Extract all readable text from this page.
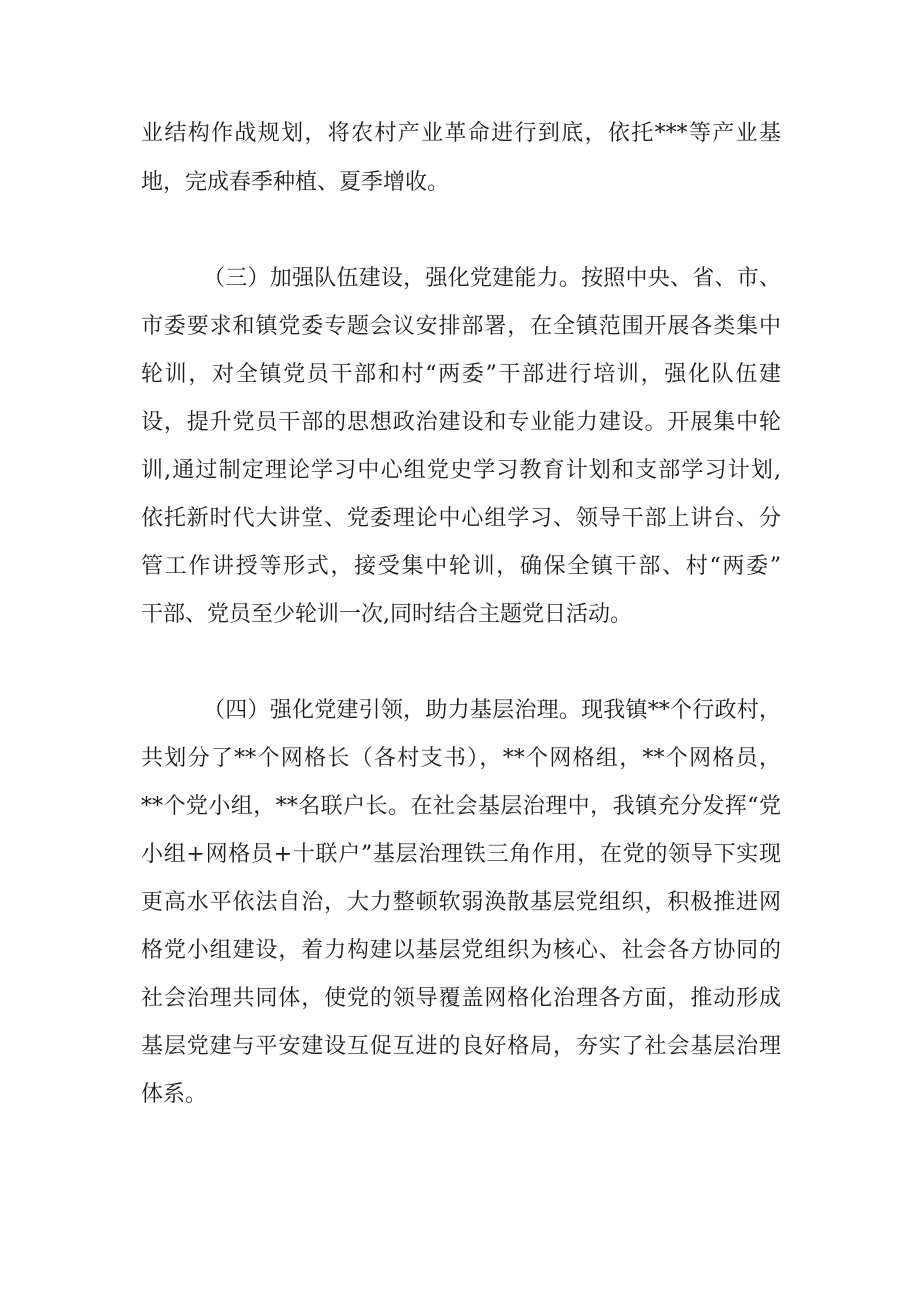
业结构作战规划，将农村产业革命进行到底，依托***等产业基
地，完成春季种植、夏季增收。
（三）加强队伍建设，强化党建能力。按照中央、省、市、
市委要求和镇党委专题会议安排部署，在全镇范围开展各类集中
轮训，对全镇党员干部和村“两委”干部进行培训，强化队伍建
设，提升党员干部的思想政治建设和专业能力建设。开展集中轮
训,通过制定理论学习中心组党史学习教育计划和支部学习计划,
依托新时代大讲堂、党委理论中心组学习、领导干部上讲台、分
管工作讲授等形式，接受集中轮训，确保全镇干部、村“两委”
干部、党员至少轮训一次,同时结合主题党日活动。
（四）强化党建引领，助力基层治理。现我镇**个行政村，
共划分了**个网格长（各村支书），**个网格组，**个网格员，
**个党小组，**名联户长。在社会基层治理中，我镇充分发挥“党
小组+网格员+十联户”基层治理铁三角作用，在党的领导下实现
更高水平依法自治，大力整顿软弱涣散基层党组织，积极推进网
格党小组建设，着力构建以基层党组织为核心、社会各方协同的
社会治理共同体，使党的领导覆盖网格化治理各方面，推动形成
基层党建与平安建设互促互进的良好格局，夯实了社会基层治理
体系。
